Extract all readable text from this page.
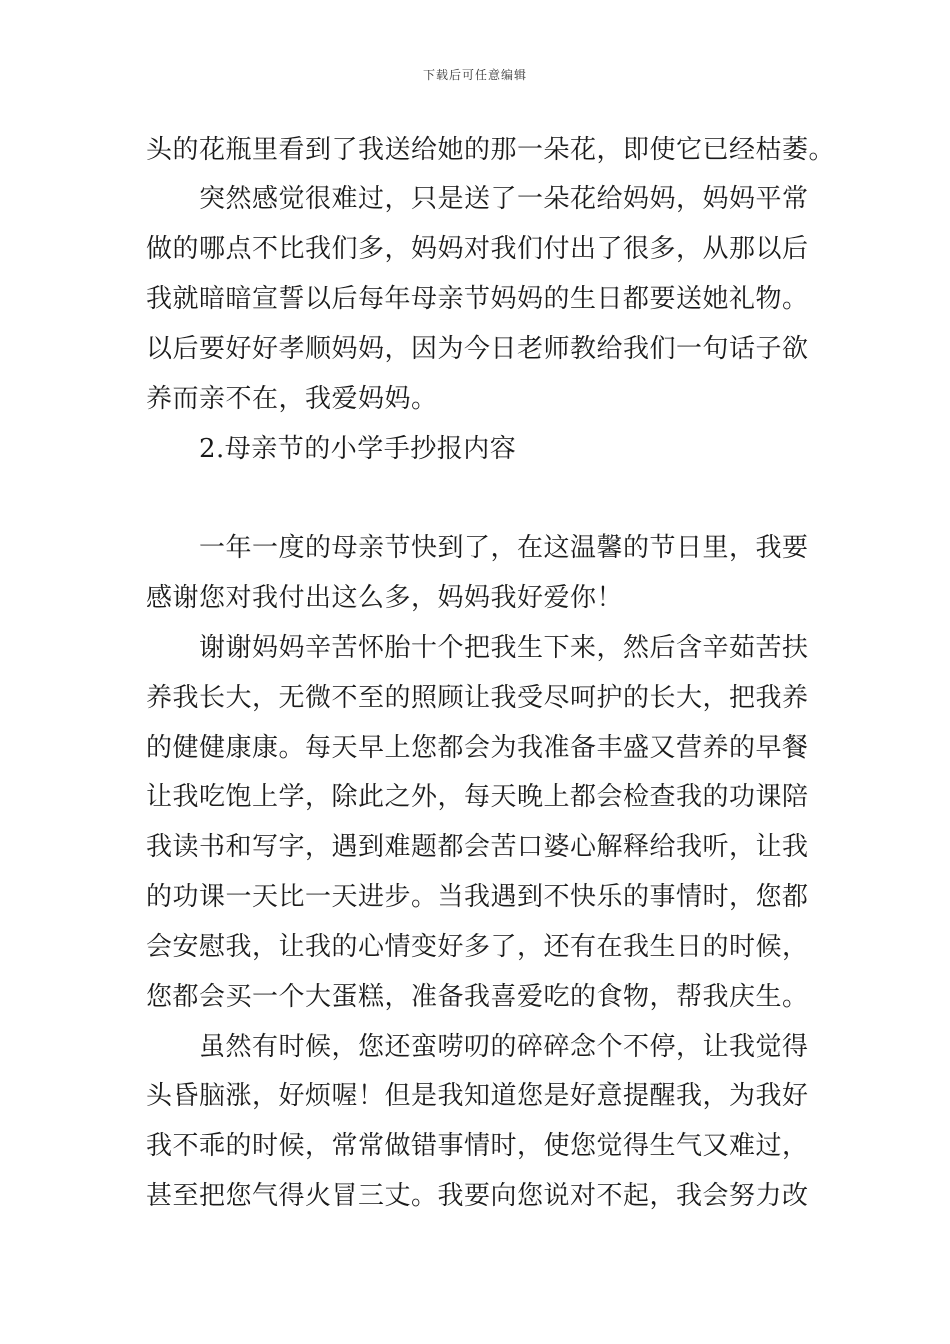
下载后可任意编辑
头的花瓶里看到了我送给她的那一朵花，即使它已经枯萎。
　　突然感觉很难过，只是送了一朵花给妈妈，妈妈平常
做的哪点不比我们多，妈妈对我们付出了很多，从那以后
我就暗暗宣誓以后每年母亲节妈妈的生日都要送她礼物。
以后要好好孝顺妈妈，因为今日老师教给我们一句话子欲
养而亲不在，我爱妈妈。
　　2.母亲节的小学手抄报内容
　　一年一度的母亲节快到了，在这温馨的节日里，我要
感谢您对我付出这么多，妈妈我好爱你！
　　谢谢妈妈辛苦怀胎十个把我生下来，然后含辛茹苦扶
养我长大，无微不至的照顾让我受尽呵护的长大，把我养
的健健康康。每天早上您都会为我准备丰盛又营养的早餐
让我吃饱上学，除此之外，每天晚上都会检查我的功课陪
我读书和写字，遇到难题都会苦口婆心解释给我听，让我
的功课一天比一天进步。当我遇到不快乐的事情时，您都
会安慰我，让我的心情变好多了，还有在我生日的时候，
您都会买一个大蛋糕，准备我喜爱吃的食物，帮我庆生。
　　虽然有时候，您还蛮唠叨的碎碎念个不停，让我觉得
头昏脑涨，好烦喔！但是我知道您是好意提醒我，为我好
我不乖的时候，常常做错事情时，使您觉得生气又难过，
甚至把您气得火冒三丈。我要向您说对不起，我会努力改
